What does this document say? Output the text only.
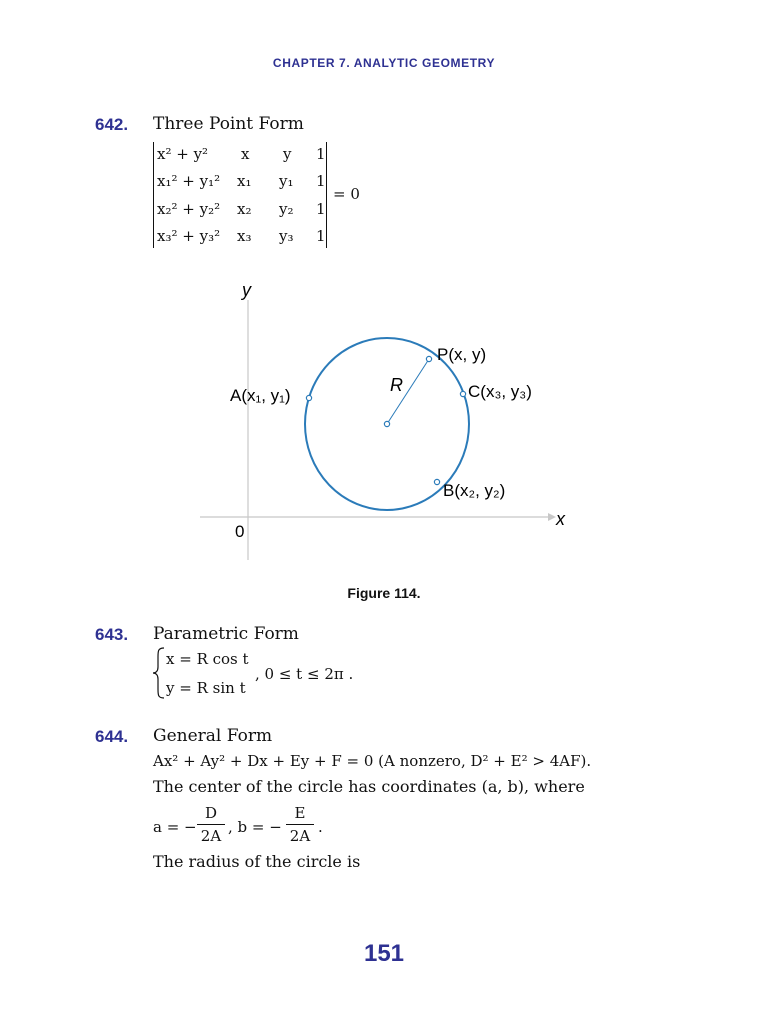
CHAPTER 7. ANALYTIC GEOMETRY
642. Three Point Form
x² + y² x y 1
x₁² + y₁² x₁ y₁ 1
x₂² + y₂² x₂ y₂ 1
x₃² + y₃² x₃ y₃ 1
= 0
y
x
0
P(x, y)
A(x₁, y₁)	C(x₃, y₃)
B(x₂, y₂)
R
Figure 114.
643. Parametric Form
x = R cos t
y = R sin t
, 0 ≤ t ≤ 2π .
644. General Form
Ax² + Ay² + Dx + Ey + F = 0 (A nonzero, D² + E² > 4AF).
The center of the circle has coordinates (a, b), where
a = −
D
2A , b = −
E
2A .
The radius of the circle is
151
